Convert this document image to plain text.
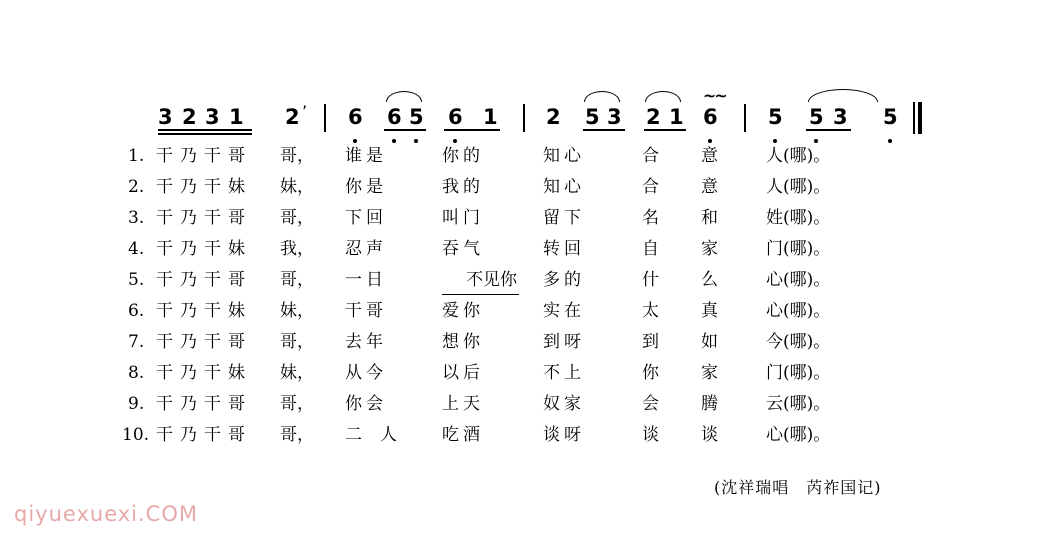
3 2 3 1 2 6 6 5 6 1 2 5 3 2 1 6 5 5 3 5
’
∼∼
1. 干乃干哥 哥， 谁是	你的	知心	合 意	人(哪)。
2. 干乃干妹 妹， 你是	我的	知心	合 意	人(哪)。
3. 干乃干哥 哥， 下回	叫门	留下	名 和	姓(哪)。
4. 干乃干妹 我， 忍声	吞气	转回	自 家	门(哪)。
5. 干乃干哥 哥， 一日	不见你 多的	什 么	心(哪)。
6. 干乃干妹 妹， 干哥	爱你	实在	太 真	心(哪)。
7. 干乃干哥 哥， 去年	想你	到呀	到 如	今(哪)。
8. 干乃干妹 妹， 从今	以后	不上	你 家	门(哪)。
9. 干乃干哥 哥， 你会	上天	奴家	会 腾	云(哪)。
10. 干乃干哥 哥， 二人 吃酒	谈呀	谈 谈	心(哪)。
(沈祥瑞唱　芮祚国记)
qiyuexuexi.COM
